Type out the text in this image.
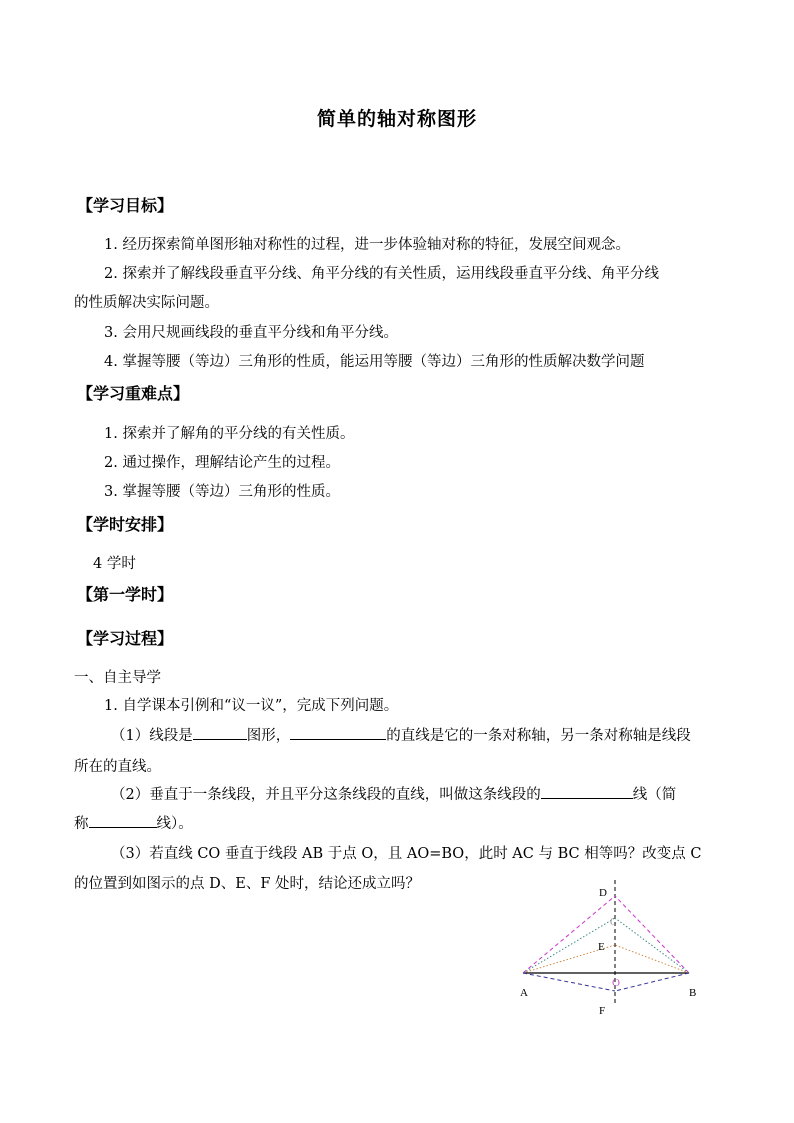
简单的轴对称图形
【学习目标】
1. 经历探索简单图形轴对称性的过程，进一步体验轴对称的特征，发展空间观念。
2. 探索并了解线段垂直平分线、角平分线的有关性质，运用线段垂直平分线、角平分线
的性质解决实际问题。
3. 会用尺规画线段的垂直平分线和角平分线。
4. 掌握等腰（等边）三角形的性质，能运用等腰（等边）三角形的性质解决数学问题
【学习重难点】
1. 探索并了解角的平分线的有关性质。
2. 通过操作，理解结论产生的过程。
3. 掌握等腰（等边）三角形的性质。
【学时安排】
4 学时
【第一学时】
【学习过程】
一、自主导学
1. 自学课本引例和“议一议”，完成下列问题。
（1）线段是	图形，	的直线是它的一条对称轴，另一条对称轴是线段
所在的直线。
（2）垂直于一条线段，并且平分这条线段的直线，叫做这条线段的	线（简
称	线）。
（3）若直线 CO 垂直于线段 AB 于点 O，且 AO=BO，此时 AC 与 BC 相等吗？改变点 C
的位置到如图示的点 D、E、F 处时，结论还成立吗？
D
C
E
O
A	B
F
